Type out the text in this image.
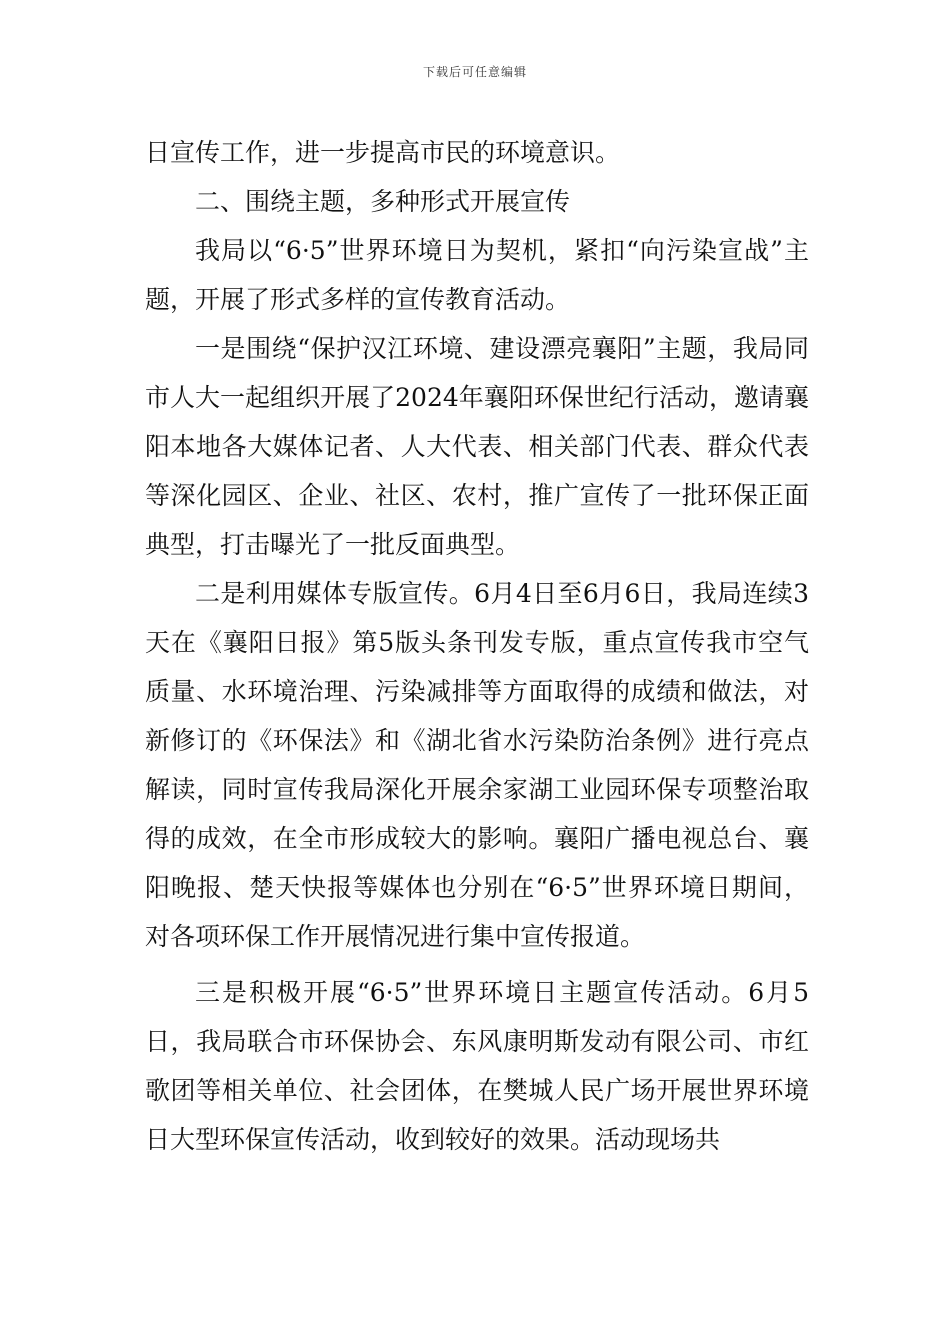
下载后可任意编辑

日宣传工作，进一步提高市民的环境意识。

二、围绕主题，多种形式开展宣传

我局以“6·5”世界环境日为契机，紧扣“向污染宣战”主题，开展了形式多样的宣传教育活动。

一是围绕“保护汉江环境、建设漂亮襄阳”主题，我局同市人大一起组织开展了2024年襄阳环保世纪行活动，邀请襄阳本地各大媒体记者、人大代表、相关部门代表、群众代表等深化园区、企业、社区、农村，推广宣传了一批环保正面典型，打击曝光了一批反面典型。

二是利用媒体专版宣传。6月4日至6月6日，我局连续3天在《襄阳日报》第5版头条刊发专版，重点宣传我市空气质量、水环境治理、污染减排等方面取得的成绩和做法，对新修订的《环保法》和《湖北省水污染防治条例》进行亮点解读，同时宣传我局深化开展余家湖工业园环保专项整治取得的成效，在全市形成较大的影响。襄阳广播电视总台、襄阳晚报、楚天快报等媒体也分别在“6·5”世界环境日期间，对各项环保工作开展情况进行集中宣传报道。

三是积极开展“6·5”世界环境日主题宣传活动。6月5日，我局联合市环保协会、东风康明斯发动有限公司、市红歌团等相关单位、社会团体，在樊城人民广场开展世界环境日大型环保宣传活动，收到较好的效果。活动现场共
